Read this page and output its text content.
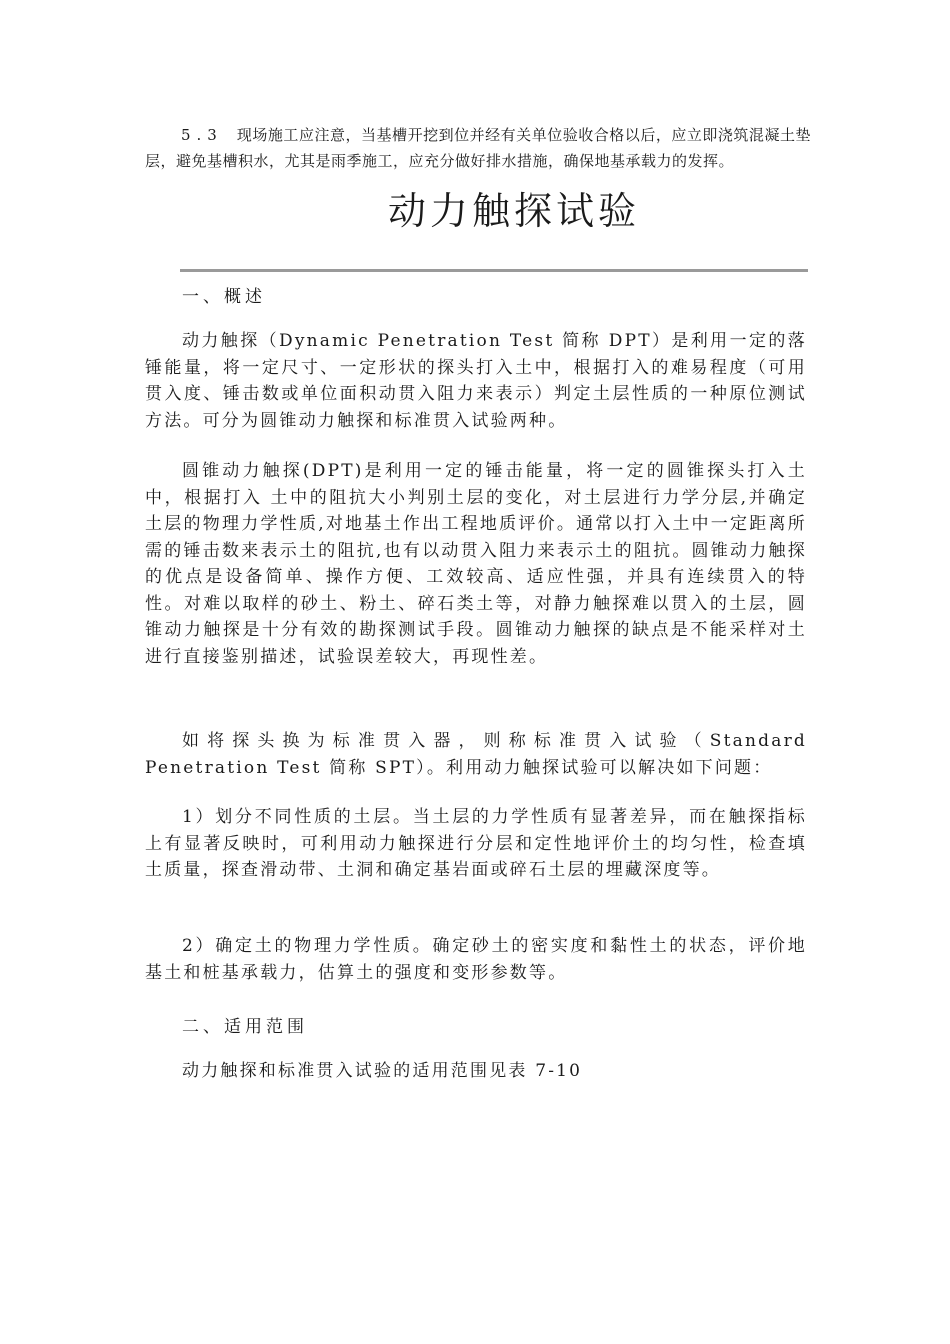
5.3 现场施工应注意，当基槽开挖到位并经有关单位验收合格以后，应立即浇筑混凝土垫层，避免基槽积水，尤其是雨季施工，应充分做好排水措施，确保地基承载力的发挥。
动力触探试验
一、概述

动力触探（Dynamic Penetration Test 简称 DPT）是利用一定的落锤能量，将一定尺寸、一定形状的探头打入土中，根据打入的难易程度（可用贯入度、锤击数或单位面积动贯入阻力来表示）判定土层性质的一种原位测试方法。可分为圆锥动力触探和标准贯入试验两种。

圆锥动力触探(DPT)是利用一定的锤击能量，将一定的圆锥探头打入土中，根据打入 土中的阻抗大小判别土层的变化，对土层进行力学分层,并确定土层的物理力学性质,对地基土作出工程地质评价。通常以打入土中一定距离所需的锤击数来表示土的阻抗,也有以动贯入阻力来表示土的阻抗。圆锥动力触探的优点是设备简单、操作方便、工效较高、适应性强，并具有连续贯入的特性。对难以取样的砂土、粉土、碎石类土等，对静力触探难以贯入的土层，圆锥动力触探是十分有效的勘探测试手段。圆锥动力触探的缺点是不能采样对土进行直接鉴别描述，试验误差较大，再现性差。

如将探头换为标准贯入器，则称标准贯入试验（Standard Penetration Test 简称 SPT）。利用动力触探试验可以解决如下问题：

1）划分不同性质的土层。当土层的力学性质有显著差异，而在触探指标上有显著反映时，可利用动力触探进行分层和定性地评价土的均匀性，检查填土质量，探查滑动带、土洞和确定基岩面或碎石土层的埋藏深度等。

2）确定土的物理力学性质。确定砂土的密实度和黏性土的状态，评价地基土和桩基承载力，估算土的强度和变形参数等。

二、适用范围

动力触探和标准贯入试验的适用范围见表 7-10
